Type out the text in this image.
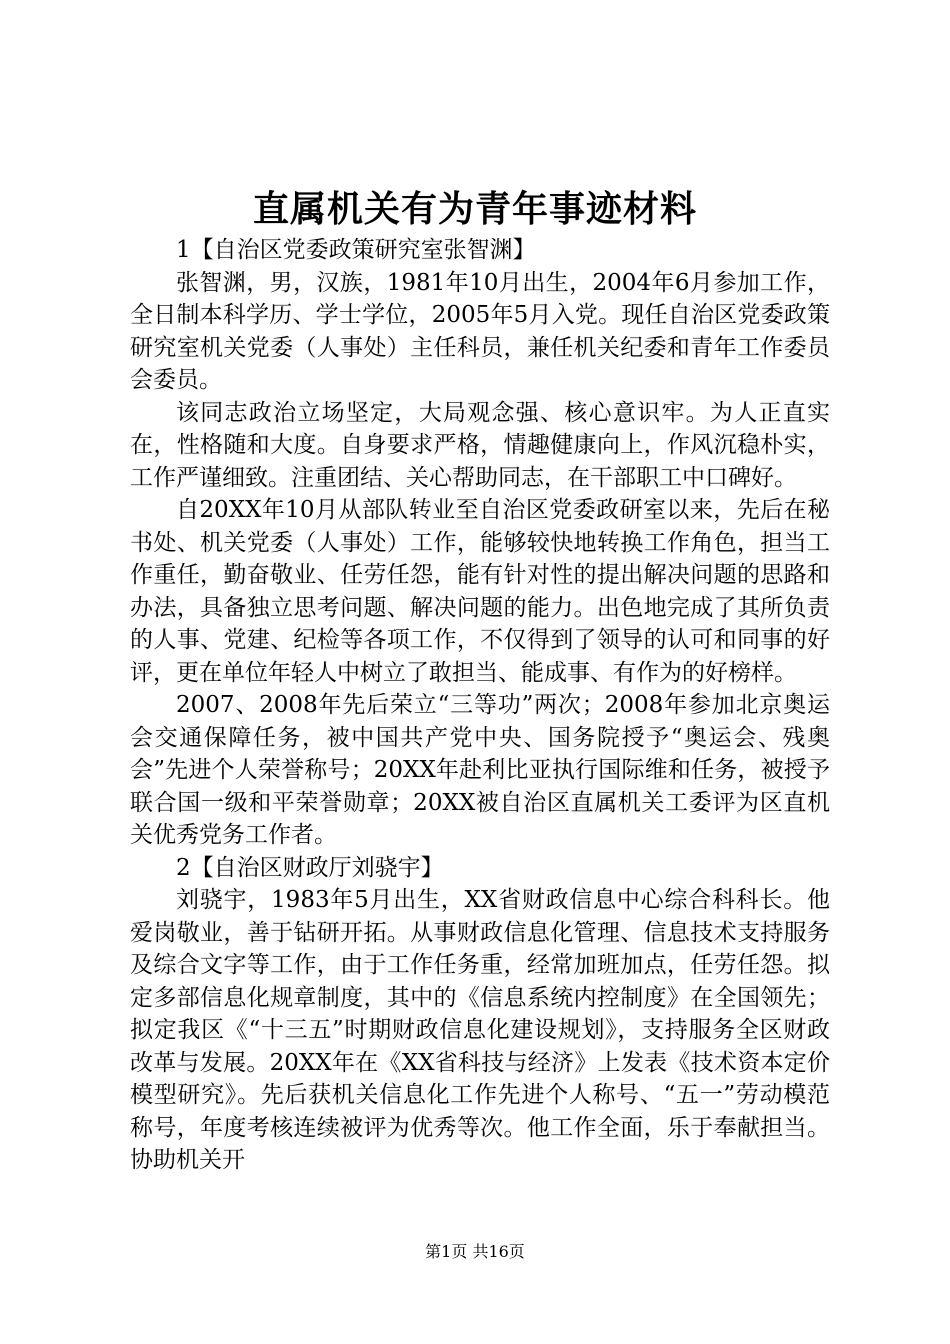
直属机关有为青年事迹材料

1【自治区党委政策研究室张智渊】

张智渊，男，汉族，1981年10月出生，2004年6月参加工作，全日制本科学历、学士学位，2005年5月入党。现任自治区党委政策研究室机关党委（人事处）主任科员，兼任机关纪委和青年工作委员会委员。

该同志政治立场坚定，大局观念强、核心意识牢。为人正直实在，性格随和大度。自身要求严格，情趣健康向上，作风沉稳朴实，工作严谨细致。注重团结、关心帮助同志，在干部职工中口碑好。

自20XX年10月从部队转业至自治区党委政研室以来，先后在秘书处、机关党委（人事处）工作，能够较快地转换工作角色，担当工作重任，勤奋敬业、任劳任怨，能有针对性的提出解决问题的思路和办法，具备独立思考问题、解决问题的能力。出色地完成了其所负责的人事、党建、纪检等各项工作，不仅得到了领导的认可和同事的好评，更在单位年轻人中树立了敢担当、能成事、有作为的好榜样。

2007、2008年先后荣立“三等功”两次；2008年参加北京奥运会交通保障任务，被中国共产党中央、国务院授予“奥运会、残奥会”先进个人荣誉称号；20XX年赴利比亚执行国际维和任务，被授予联合国一级和平荣誉勋章；20XX被自治区直属机关工委评为区直机关优秀党务工作者。

2【自治区财政厅刘骁宇】

刘骁宇，1983年5月出生，XX省财政信息中心综合科科长。他爱岗敬业，善于钻研开拓。从事财政信息化管理、信息技术支持服务及综合文字等工作，由于工作任务重，经常加班加点，任劳任怨。拟定多部信息化规章制度，其中的《信息系统内控制度》在全国领先；拟定我区《“十三五”时期财政信息化建设规划》，支持服务全区财政改革与发展。20XX年在《XX省科技与经济》上发表《技术资本定价模型研究》。先后获机关信息化工作先进个人称号、“五一”劳动模范称号，年度考核连续被评为优秀等次。他工作全面，乐于奉献担当。协助机关开

第1页 共16页
